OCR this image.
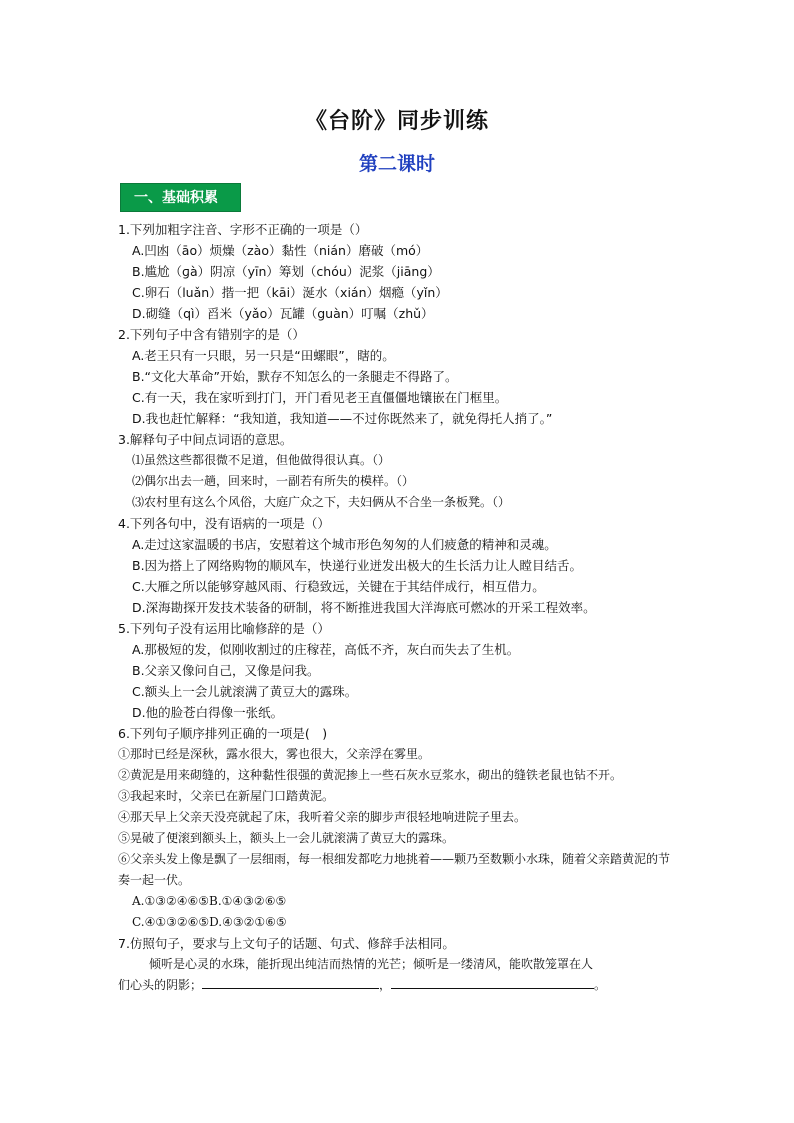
《台阶》同步训练
第二课时
一、基础积累
1.下列加粗字注音、字形不正确的一项是（）
A.凹凼（āo）烦燥（zào）黏性（nián）磨破（mó）
B.尴尬（ɡà）阴凉（yīn）筹划（chóu）泥浆（jiāng）
C.卵石（luǎn）揩一把（kāi）涎水（xián）烟瘾（yǐn）
D.砌缝（qì）舀米（yǎo）瓦罐（guàn）叮嘱（zhǔ）
2.下列句子中含有错别字的是（）
A.老王只有一只眼，另一只是“田螺眼”，瞎的。
B.“文化大革命”开始，默存不知怎么的一条腿走不得路了。
C.有一天，我在家听到打门，开门看见老王直僵僵地镶嵌在门框里。
D.我也赶忙解释：“我知道，我知道——不过你既然来了，就免得托人捎了。”
3.解释句子中间点词语的意思。
⑴虽然这些都很微不足道，但他做得很认真。（）
⑵偶尔出去一趟，回来时，一副若有所失的模样。（）
⑶农村里有这么个风俗，大庭广众之下，夫妇俩从不合坐一条板凳。（）
4.下列各句中，没有语病的一项是（）
A.走过这家温暖的书店，安慰着这个城市形色匆匆的人们疲惫的精神和灵魂。
B.因为搭上了网络购物的顺风车，快递行业迸发出极大的生长活力让人瞠目结舌。
C.大雁之所以能够穿越风雨、行稳致远，关键在于其结伴成行，相互借力。
D.深海勘探开发技术装备的研制，将不断推进我国大洋海底可燃冰的开采工程效率。
5.下列句子没有运用比喻修辞的是（）
A.那极短的发，似刚收割过的庄稼茬，高低不齐，灰白而失去了生机。
B.父亲又像问自己，又像是问我。
C.额头上一会儿就滚满了黄豆大的露珠。
D.他的脸苍白得像一张纸。
6.下列句子顺序排列正确的一项是(　)
①那时已经是深秋，露水很大，雾也很大，父亲浮在雾里。
②黄泥是用来砌缝的，这种黏性很强的黄泥掺上一些石灰水豆浆水，砌出的缝铁老鼠也钻不开。
③我起来时，父亲已在新屋门口踏黄泥。
④那天早上父亲天没亮就起了床，我听着父亲的脚步声很轻地响进院子里去。
⑤晃破了便滚到额头上，额头上一会儿就滚满了黄豆大的露珠。
⑥父亲头发上像是飘了一层细雨，每一根细发都吃力地挑着——颗乃至数颗小水珠，随着父亲踏黄泥的节奏一起一伏。
A.①③②④⑥⑤B.①④③②⑥⑤
C.④①③②⑥⑤D.④③②①⑥⑤
7.仿照句子，要求与上文句子的话题、句式、修辞手法相同。
倾听是心灵的水珠，能折现出纯洁而热情的光芒；倾听是一缕清风，能吹散笼罩在人
们心头的阴影；	，	。
